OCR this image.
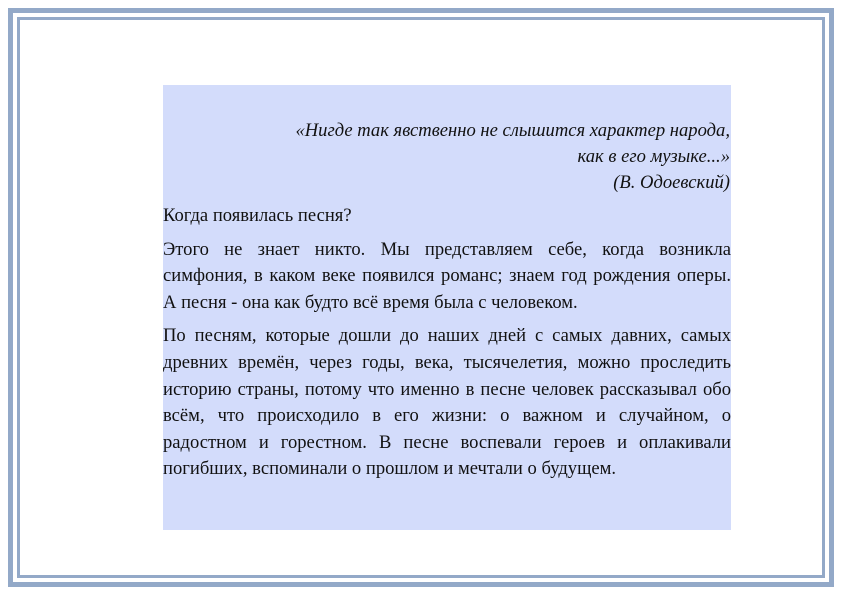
«Нигде так явственно не слышится характер народа,
как в его музыке...»
(В. Одоевский)

Когда появилась песня?

Этого не знает никто. Мы представляем себе, когда возникла симфония, в каком веке появился романс; знаем год рождения оперы. А песня - она как будто всё время была с человеком.

По песням, которые дошли до наших дней с самых давних, самых древних времён, через годы, века, тысячелетия, можно проследить историю страны, потому что именно в песне человек рассказывал обо всём, что происходило в его жизни: о важном и случайном, о радостном и горестном. В песне воспевали героев и оплакивали погибших, вспоминали о прошлом и мечтали о будущем.
